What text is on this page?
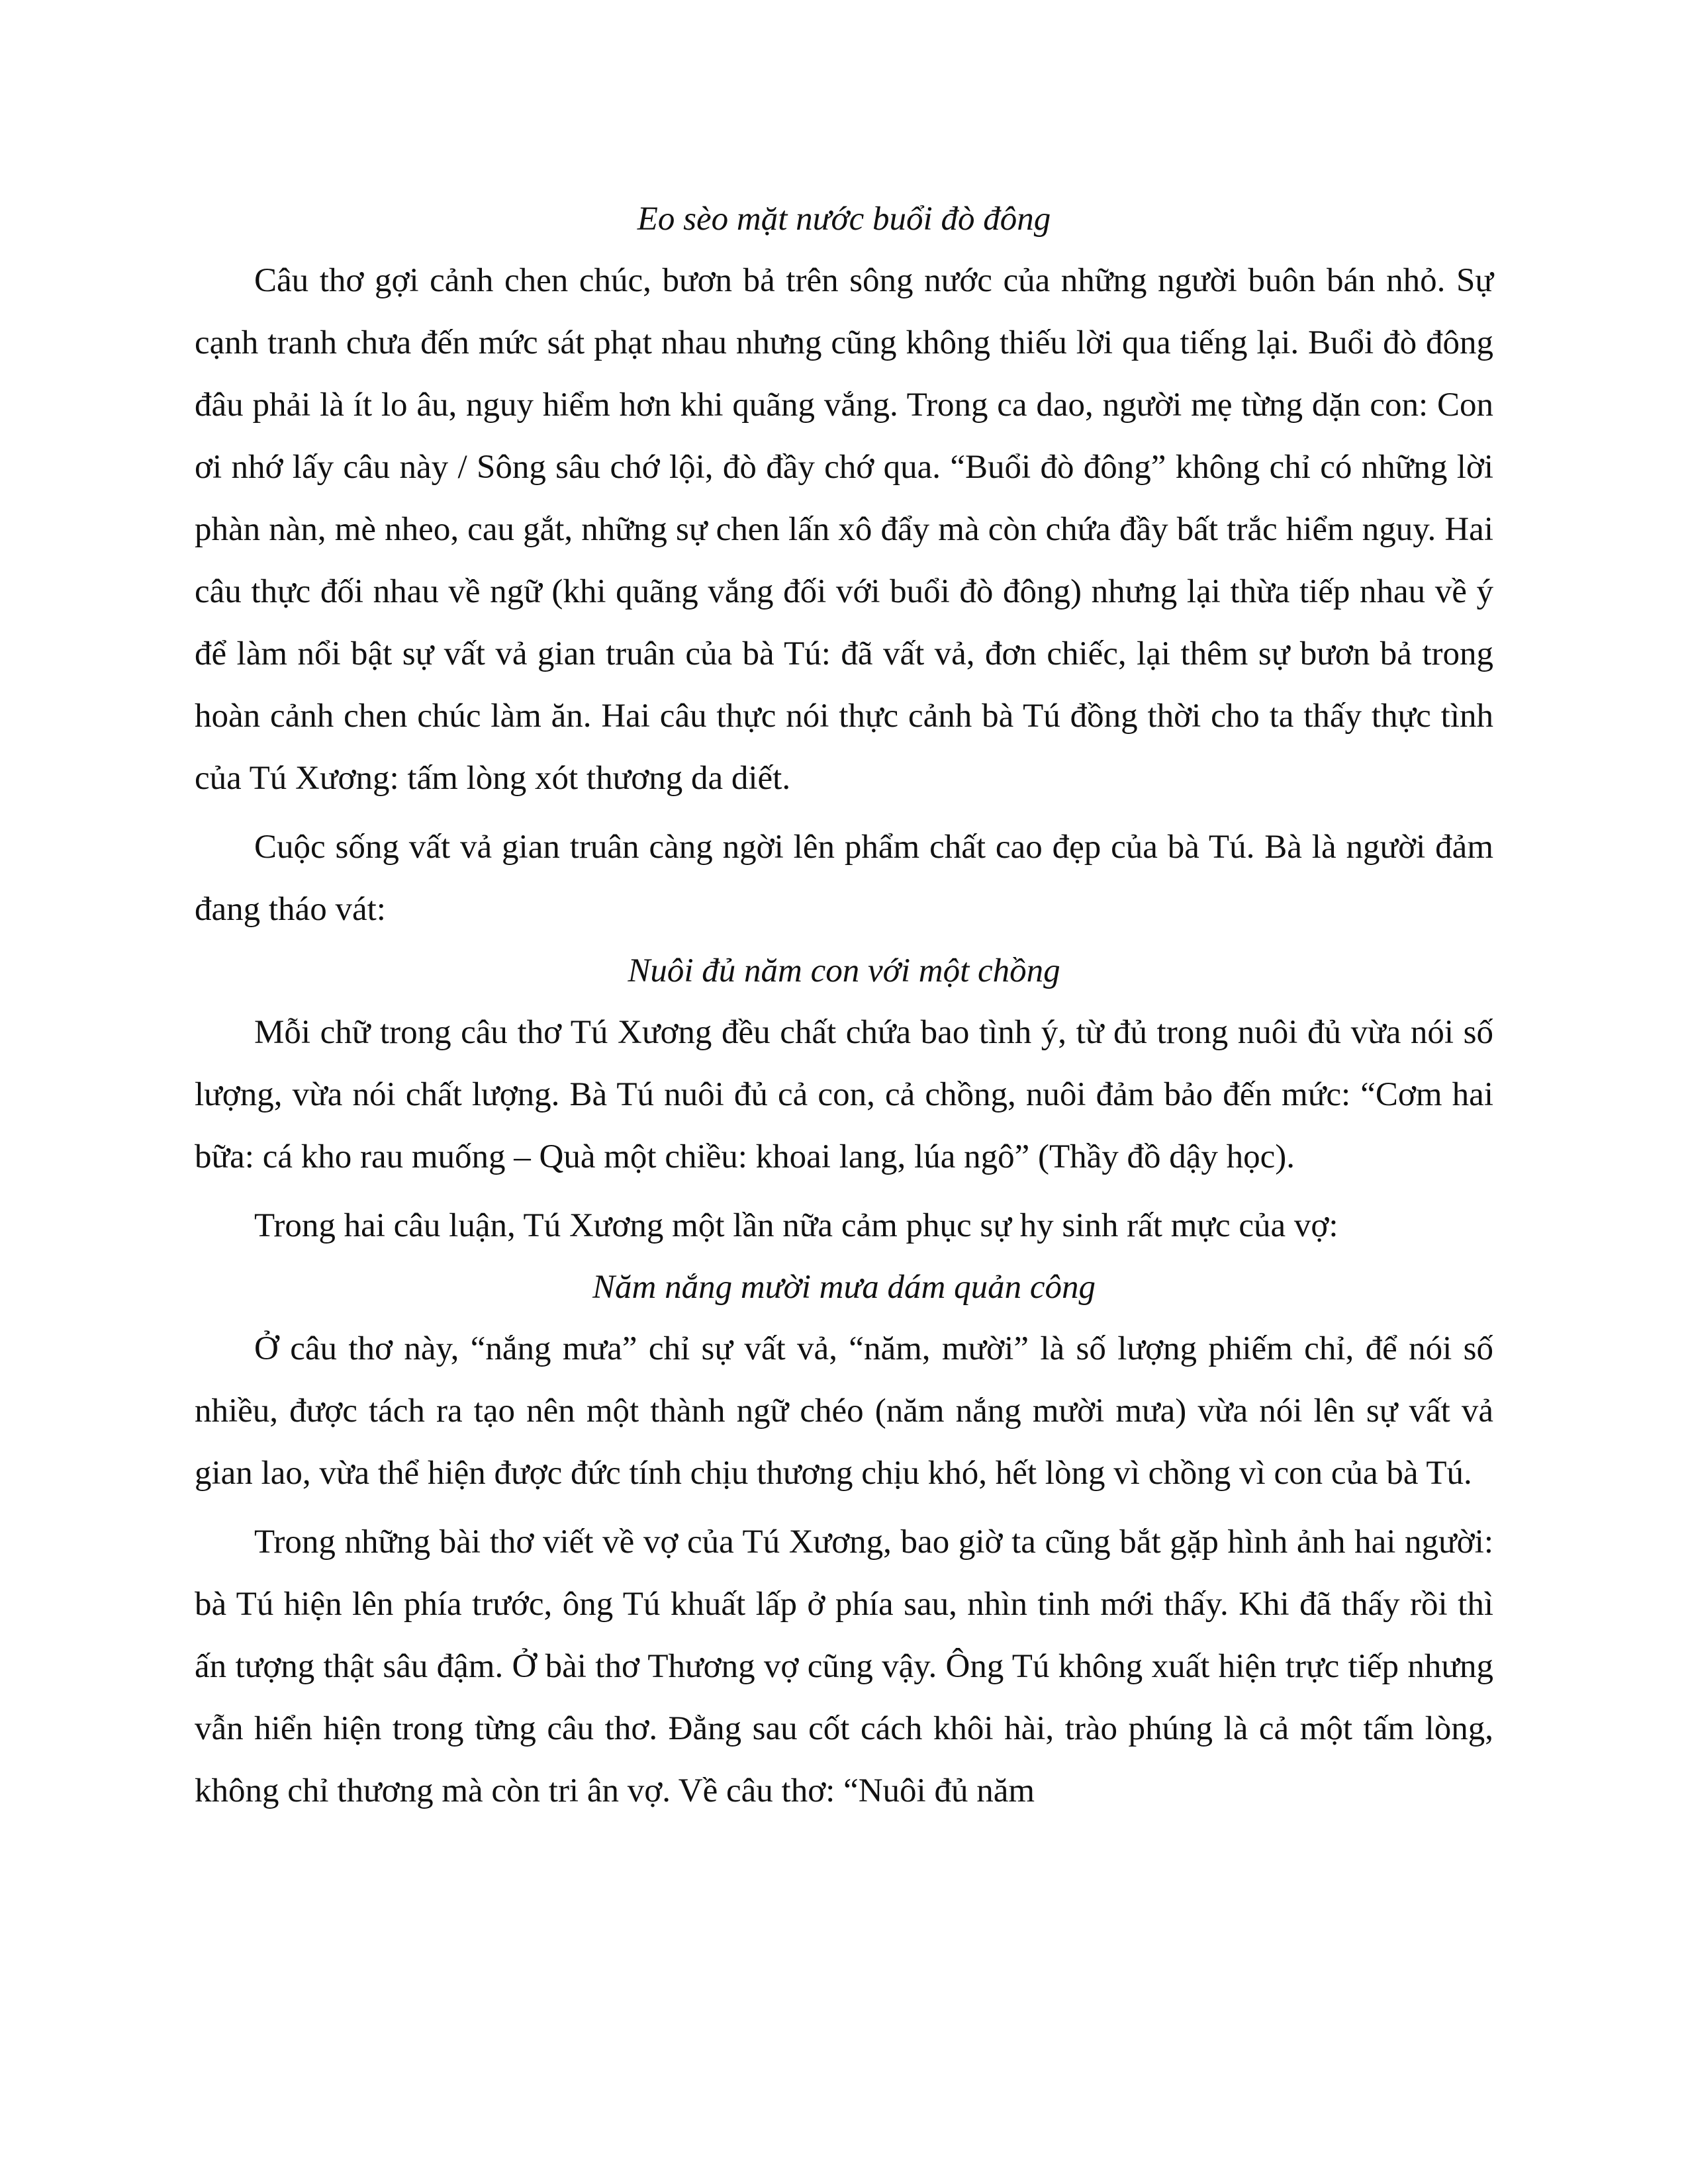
Eo sèo mặt nước buổi đò đông

Câu thơ gợi cảnh chen chúc, bươn bả trên sông nước của những người buôn bán nhỏ. Sự cạnh tranh chưa đến mức sát phạt nhau nhưng cũng không thiếu lời qua tiếng lại. Buổi đò đông đâu phải là ít lo âu, nguy hiểm hơn khi quãng vắng. Trong ca dao, người mẹ từng dặn con: Con ơi nhớ lấy câu này / Sông sâu chớ lội, đò đầy chớ qua. “Buổi đò đông” không chỉ có những lời phàn nàn, mè nheo, cau gắt, những sự chen lấn xô đẩy mà còn chứa đầy bất trắc hiểm nguy. Hai câu thực đối nhau về ngữ (khi quãng vắng đối với buổi đò đông) nhưng lại thừa tiếp nhau về ý để làm nổi bật sự vất vả gian truân của bà Tú: đã vất vả, đơn chiếc, lại thêm sự bươn bả trong hoàn cảnh chen chúc làm ăn. Hai câu thực nói thực cảnh bà Tú đồng thời cho ta thấy thực tình của Tú Xương: tấm lòng xót thương da diết.

Cuộc sống vất vả gian truân càng ngời lên phẩm chất cao đẹp của bà Tú. Bà là người đảm đang tháo vát:

Nuôi đủ năm con với một chồng

Mỗi chữ trong câu thơ Tú Xương đều chất chứa bao tình ý, từ đủ trong nuôi đủ vừa nói số lượng, vừa nói chất lượng. Bà Tú nuôi đủ cả con, cả chồng, nuôi đảm bảo đến mức: “Cơm hai bữa: cá kho rau muống – Quà một chiều: khoai lang, lúa ngô” (Thầy đồ dậy học).

Trong hai câu luận, Tú Xương một lần nữa cảm phục sự hy sinh rất mực của vợ:

Năm nắng mười mưa dám quản công

Ở câu thơ này, “nắng mưa” chỉ sự vất vả, “năm, mười” là số lượng phiếm chỉ, để nói số nhiều, được tách ra tạo nên một thành ngữ chéo (năm nắng mười mưa) vừa nói lên sự vất vả gian lao, vừa thể hiện được đức tính chịu thương chịu khó, hết lòng vì chồng vì con của bà Tú.

Trong những bài thơ viết về vợ của Tú Xương, bao giờ ta cũng bắt gặp hình ảnh hai người: bà Tú hiện lên phía trước, ông Tú khuất lấp ở phía sau, nhìn tinh mới thấy. Khi đã thấy rồi thì ấn tượng thật sâu đậm. Ở bài thơ Thương vợ cũng vậy. Ông Tú không xuất hiện trực tiếp nhưng vẫn hiển hiện trong từng câu thơ. Đằng sau cốt cách khôi hài, trào phúng là cả một tấm lòng, không chỉ thương mà còn tri ân vợ. Về câu thơ: “Nuôi đủ năm
